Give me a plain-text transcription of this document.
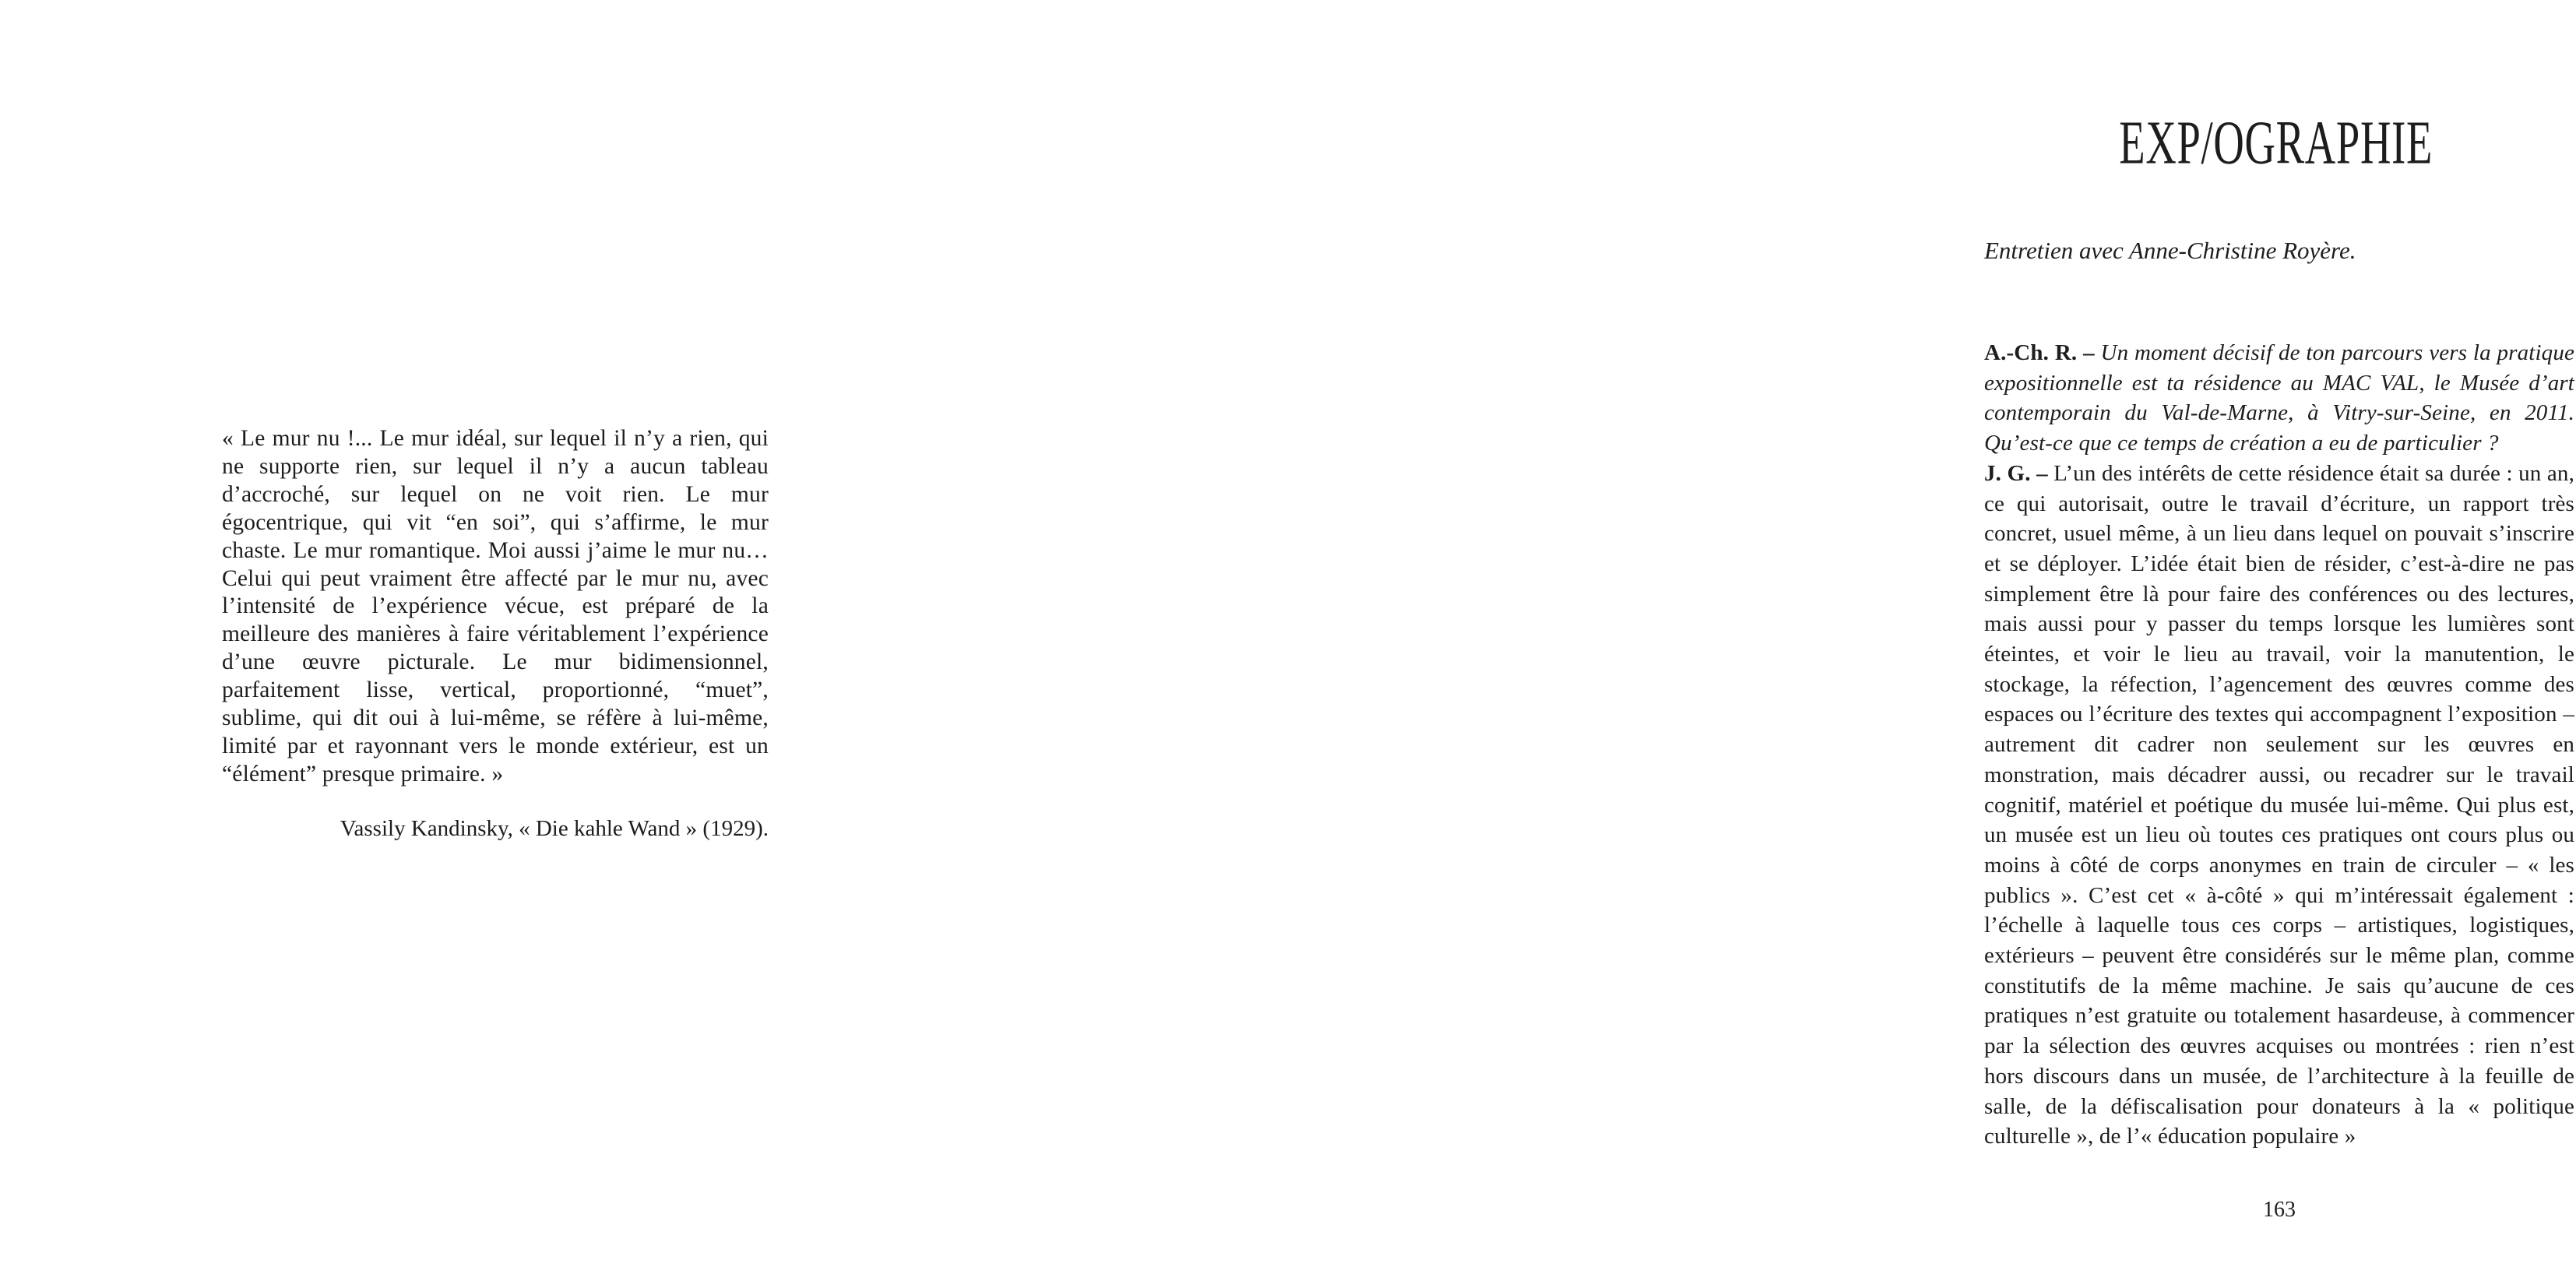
« Le mur nu !... Le mur idéal, sur lequel il n’y a rien, qui ne supporte rien, sur lequel il n’y a aucun tableau d’accroché, sur lequel on ne voit rien. Le mur égocentrique, qui vit “en soi”, qui s’affirme, le mur chaste. Le mur romantique. Moi aussi j’aime le mur nu… Celui qui peut vraiment être affecté par le mur nu, avec l’intensité de l’expérience vécue, est préparé de la meilleure des manières à faire véritablement l’expérience d’une œuvre picturale. Le mur bidimensionnel, parfaitement lisse, vertical, proportionné, “muet”, sublime, qui dit oui à lui-même, se réfère à lui-même, limité par et rayonnant vers le monde extérieur, est un “élément” presque primaire. »
Vassily Kandinsky, « Die kahle Wand » (1929).
EXP/OGRAPHIE
Entretien avec Anne-Christine Royère.

A.-Ch. R. – Un moment décisif de ton parcours vers la pratique expositionnelle est ta résidence au MAC VAL, le Musée d’art contemporain du Val-de-Marne, à Vitry-sur-Seine, en 2011. Qu’est-ce que ce temps de création a eu de particulier ?

J. G. – L’un des intérêts de cette résidence était sa durée : un an, ce qui autorisait, outre le travail d’écriture, un rapport très concret, usuel même, à un lieu dans lequel on pouvait s’inscrire et se déployer. L’idée était bien de résider, c’est-à-dire ne pas simplement être là pour faire des conférences ou des lectures, mais aussi pour y passer du temps lorsque les lumières sont éteintes, et voir le lieu au travail, voir la manutention, le stockage, la réfection, l’agencement des œuvres comme des espaces ou l’écriture des textes qui accompagnent l’exposition – autrement dit cadrer non seulement sur les œuvres en monstration, mais décadrer aussi, ou recadrer sur le travail cognitif, matériel et poétique du musée lui-même. Qui plus est, un musée est un lieu où toutes ces pratiques ont cours plus ou moins à côté de corps anonymes en train de circuler – « les publics ». C’est cet « à-côté » qui m’intéressait également : l’échelle à laquelle tous ces corps – artistiques, logistiques, extérieurs – peuvent être considérés sur le même plan, comme constitutifs de la même machine. Je sais qu’aucune de ces pratiques n’est gratuite ou totalement hasardeuse, à commencer par la sélection des œuvres acquises ou montrées : rien n’est hors discours dans un musée, de l’architecture à la feuille de salle, de la défiscalisation pour donateurs à la « politique culturelle », de l’« éducation populaire »

163
